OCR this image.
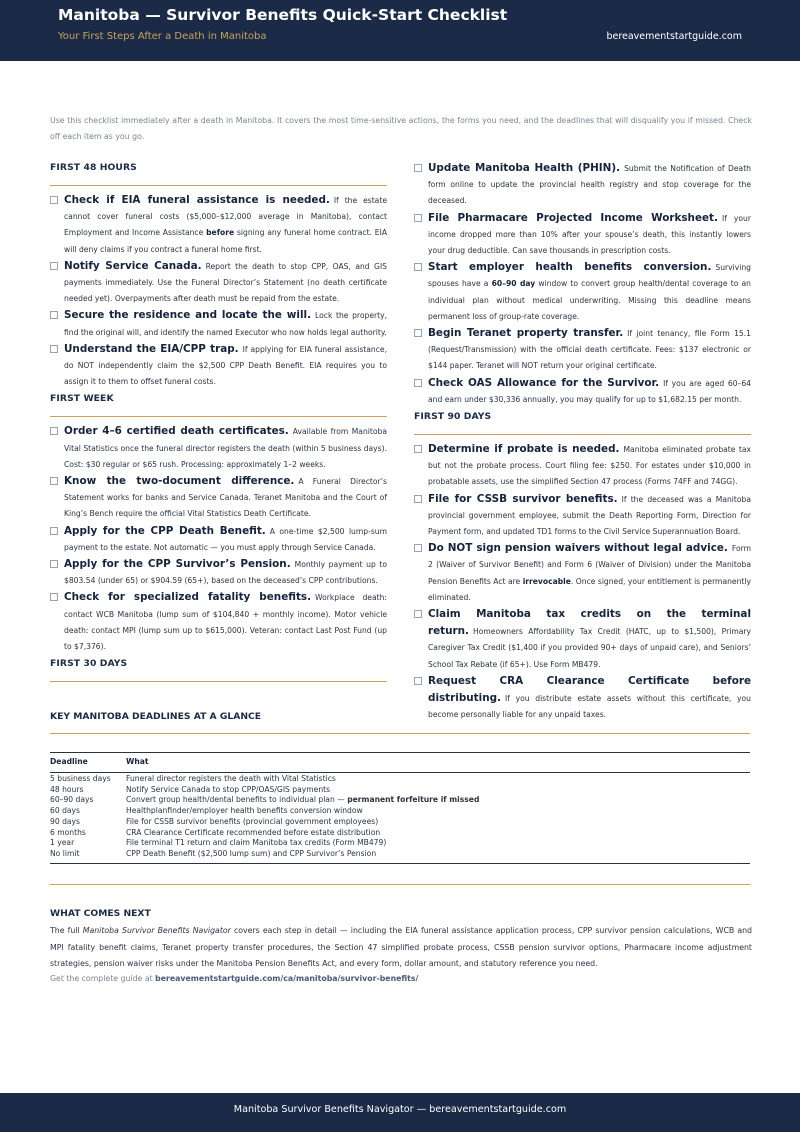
Manitoba — Survivor Benefits Quick-Start Checklist
Your First Steps After a Death in Manitoba	bereavementstartguide.com
Use this checklist immediately after a death in Manitoba. It covers the most time-sensitive actions, the forms you need, and the deadlines that will disqualify you if missed. Check off each item as you go.
FIRST 48 HOURS
Check if EIA funeral assistance is needed. If the estate cannot cover funeral costs ($5,000–$12,000 average in Manitoba), contact Employment and Income Assistance before signing any funeral home contract. EIA will deny claims if you contract a funeral home first.
Notify Service Canada. Report the death to stop CPP, OAS, and GIS payments immediately. Use the Funeral Director’s Statement (no death certificate needed yet). Overpayments after death must be repaid from the estate.
Secure the residence and locate the will. Lock the property, find the original will, and identify the named Executor who now holds legal authority.
Understand the EIA/CPP trap. If applying for EIA funeral assistance, do NOT independently claim the $2,500 CPP Death Benefit. EIA requires you to assign it to them to offset funeral costs.
FIRST WEEK
Order 4–6 certified death certificates. Available from Manitoba Vital Statistics once the funeral director registers the death (within 5 business days). Cost: $30 regular or $65 rush. Processing: approximately 1–2 weeks.
Know the two-document difference. A Funeral Director’s Statement works for banks and Service Canada. Teranet Manitoba and the Court of King’s Bench require the official Vital Statistics Death Certificate.
Apply for the CPP Death Benefit. A one-time $2,500 lump-sum payment to the estate. Not automatic — you must apply through Service Canada.
Apply for the CPP Survivor’s Pension. Monthly payment up to $803.54 (under 65) or $904.59 (65+), based on the deceased’s CPP contributions.
Check for specialized fatality benefits. Workplace death: contact WCB Manitoba (lump sum of $104,840 + monthly income). Motor vehicle death: contact MPI (lump sum up to $615,000). Veteran: contact Last Post Fund (up to $7,376).
FIRST 30 DAYS
Update Manitoba Health (PHIN). Submit the Notification of Death form online to update the provincial health registry and stop coverage for the deceased.
File Pharmacare Projected Income Worksheet. If your income dropped more than 10% after your spouse’s death, this instantly lowers your drug deductible. Can save thousands in prescription costs.
Start employer health benefits conversion. Surviving spouses have a 60–90 day window to convert group health/dental coverage to an individual plan without medical underwriting. Missing this deadline means permanent loss of group-rate coverage.
Begin Teranet property transfer. If joint tenancy, file Form 15.1 (Request/Transmission) with the official death certificate. Fees: $137 electronic or $144 paper. Teranet will NOT return your original certificate.
Check OAS Allowance for the Survivor. If you are aged 60–64 and earn under $30,336 annually, you may qualify for up to $1,682.15 per month.
FIRST 90 DAYS
Determine if probate is needed. Manitoba eliminated probate tax but not the probate process. Court filing fee: $250. For estates under $10,000 in probatable assets, use the simplified Section 47 process (Forms 74FF and 74GG).
File for CSSB survivor benefits. If the deceased was a Manitoba provincial government employee, submit the Death Reporting Form, Direction for Payment form, and updated TD1 forms to the Civil Service Superannuation Board.
Do NOT sign pension waivers without legal advice. Form 2 (Waiver of Survivor Benefit) and Form 6 (Waiver of Division) under the Manitoba Pension Benefits Act are irrevocable. Once signed, your entitlement is permanently eliminated.
Claim Manitoba tax credits on the terminal return. Homeowners Affordability Tax Credit (HATC, up to $1,500), Primary Caregiver Tax Credit ($1,400 if you provided 90+ days of unpaid care), and Seniors’ School Tax Rebate (if 65+). Use Form MB479.
Request CRA Clearance Certificate before distributing. If you distribute estate assets without this certificate, you become personally liable for any unpaid taxes.
KEY MANITOBA DEADLINES AT A GLANCE
Deadline	What
5 business days	Funeral director registers the death with Vital Statistics
48 hours	Notify Service Canada to stop CPP/OAS/GIS payments
60–90 days	Convert group health/dental benefits to individual plan — permanent forfeiture if missed
60 days	Healthplanfinder/employer health benefits conversion window
90 days	File for CSSB survivor benefits (provincial government employees)
6 months	CRA Clearance Certificate recommended before estate distribution
1 year	File terminal T1 return and claim Manitoba tax credits (Form MB479)
No limit	CPP Death Benefit ($2,500 lump sum) and CPP Survivor’s Pension
WHAT COMES NEXT
The full Manitoba Survivor Benefits Navigator covers each step in detail — including the EIA funeral assistance application process, CPP survivor pension calculations, WCB and MPI fatality benefit claims, Teranet property transfer procedures, the Section 47 simplified probate process, CSSB pension survivor options, Pharmacare income adjustment strategies, pension waiver risks under the Manitoba Pension Benefits Act, and every form, dollar amount, and statutory reference you need.
Get the complete guide at bereavementstartguide.com/ca/manitoba/survivor-benefits/
Manitoba Survivor Benefits Navigator — bereavementstartguide.com
